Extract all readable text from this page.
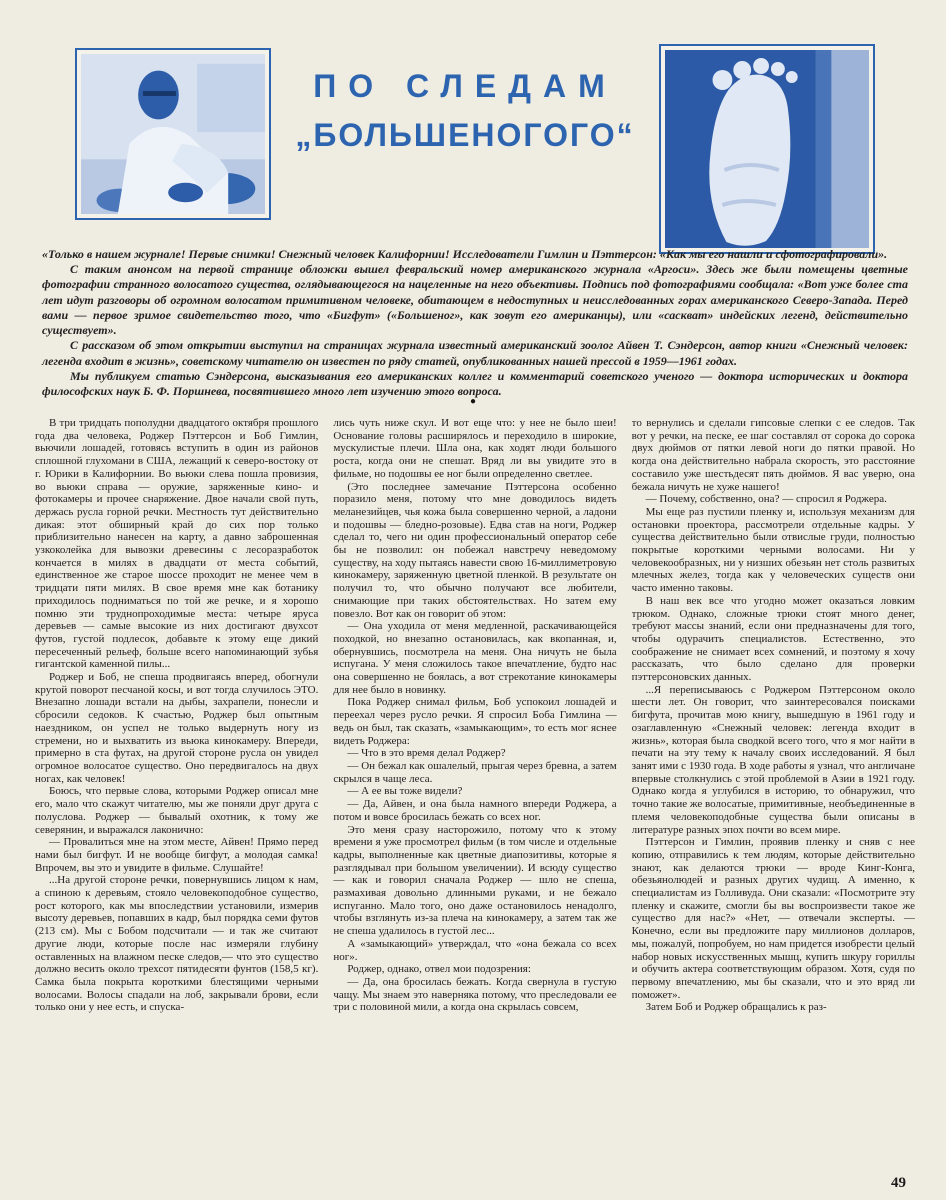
ПО СЛЕДАМ
„БОЛЬШЕНОГОГО“

«Только в нашем журнале! Первые снимки! Снежный человек Калифорнии! Исследователи Гимлин и Пэттерсон: «Как мы его нашли и сфотографировали».

С таким анонсом на первой странице обложки вышел февральский номер американского журнала «Аргоси». Здесь же были помещены цветные фотографии странного волосатого существа, оглядывающегося на нацеленные на него объективы. Подпись под фотографиями сообщала: «Вот уже более ста лет идут разговоры об огромном волосатом примитивном человеке, обитающем в недоступных и неисследованных горах американского Северо-Запада. Перед вами — первое зримое свидетельство того, что «Бигфут» («Большеног», как зовут его американцы), или «саскват» индейских легенд, действительно существует».

С рассказом об этом открытии выступил на страницах журнала известный американский зоолог Айвен Т. Сэндерсон, автор книги «Снежный человек: легенда входит в жизнь», советскому читателю он известен по ряду статей, опубликованных нашей прессой в 1959—1961 годах.

Мы публикуем статью Сэндерсона, высказывания его американских коллег и комментарий советского ученого — доктора исторических и доктора философских наук Б. Ф. Поршнева, посвятившего много лет изучению этого вопроса.

●

В три тридцать пополудни двадцатого октября прошлого года два человека, Роджер Пэттерсон и Боб Гимлин, вьючили лошадей, готовясь вступить в один из районов сплошной глухомани в США, лежащий к северо-востоку от г. Юрики в Калифорнии. Во вьюки слева пошла провизия, во вьюки справа — оружие, заряженные кино- и фотокамеры и прочее снаряжение. Двое начали свой путь, держась русла горной речки. Местность тут действительно дикая: этот обширный край до сих пор только приблизительно нанесен на карту, а давно заброшенная узкоколейка для вывозки древесины с лесоразработок кончается в милях в двадцати от места событий, единственное же старое шоссе проходит не менее чем в тридцати пяти милях. В свое время мне как ботанику приходилось подниматься по той же речке, и я хорошо помню эти труднопроходимые места: четыре яруса деревьев — самые высокие из них достигают двухсот футов, густой подлесок, добавьте к этому еще дикий пересеченный рельеф, больше всего напоминающий зубья гигантской каменной пилы...

Роджер и Боб, не спеша продвигаясь вперед, обогнули крутой поворот песчаной косы, и вот тогда случилось ЭТО. Внезапно лошади встали на дыбы, захрапели, понесли и сбросили седоков. К счастью, Роджер был опытным наездником, он успел не только выдернуть ногу из стремени, но и выхватить из вьюка кинокамеру. Впереди, примерно в ста футах, на другой стороне русла он увидел огромное волосатое существо. Оно передвигалось на двух ногах, как человек!

Боюсь, что первые слова, которыми Роджер описал мне его, мало что скажут читателю, мы же поняли друг друга с полуслова. Роджер — бывалый охотник, к тому же северянин, и выражался лаконично:

— Провалиться мне на этом месте, Айвен! Прямо перед нами был бигфут. И не вообще бигфут, а молодая самка! Впрочем, вы это и увидите в фильме. Слушайте!

...На другой стороне речки, повернувшись лицом к нам, а спиною к деревьям, стояло человекоподобное существо, рост которого, как мы впоследствии установили, измерив высоту деревьев, попавших в кадр, был порядка семи футов (213 см). Мы с Бобом подсчитали — и так же считают другие люди, которые после нас измеряли глубину оставленных на влажном песке следов,— что это существо должно весить около трехсот пятидесяти фунтов (158,5 кг). Самка была покрыта короткими блестящими черными волосами. Волосы спадали на лоб, закрывали брови, если только они у нее есть, и спуска-

лись чуть ниже скул. И вот еще что: у нее не было шеи! Основание головы расширялось и переходило в широкие, мускулистые плечи. Шла она, как ходят люди большого роста, когда они не спешат. Вряд ли вы увидите это в фильме, но подошвы ее ног были определенно светлее.

(Это последнее замечание Пэттерсона особенно поразило меня, потому что мне доводилось видеть меланезийцев, чья кожа была совершенно черной, а ладони и подошвы — бледно-розовые). Едва став на ноги, Роджер сделал то, чего ни один профессиональный оператор себе бы не позволил: он побежал навстречу неведомому существу, на ходу пытаясь навести свою 16-миллиметровую кинокамеру, заряженную цветной пленкой. В результате он получил то, что обычно получают все любители, снимающие при таких обстоятельствах. Но затем ему повезло. Вот как он говорит об этом:

— Она уходила от меня медленной, раскачивающейся походкой, но внезапно остановилась, как вкопанная, и, обернувшись, посмотрела на меня. Она ничуть не была испугана. У меня сложилось такое впечатление, будто нас она совершенно не боялась, а вот стрекотание кинокамеры для нее было в новинку.

Пока Роджер снимал фильм, Боб успокоил лошадей и переехал через русло речки. Я спросил Боба Гимлина — ведь он был, так сказать, «замыкающим», то есть мог яснее видеть Роджера:

— Что в это время делал Роджер?

— Он бежал как ошалелый, прыгая через бревна, а затем скрылся в чаще леса.

— А ее вы тоже видели?

— Да, Айвен, и она была намного впереди Роджера, а потом и вовсе бросилась бежать со всех ног.

Это меня сразу насторожило, потому что к этому времени я уже просмотрел фильм (в том числе и отдельные кадры, выполненные как цветные диапозитивы, которые я разглядывал при большом увеличении). И всюду существо — как и говорил сначала Роджер — шло не спеша, размахивая довольно длинными руками, и не бежало испуганно. Мало того, оно даже остановилось ненадолго, чтобы взглянуть из-за плеча на кинокамеру, а затем так же не спеша удалилось в густой лес...

А «замыкающий» утверждал, что «она бежала со всех ног».

Роджер, однако, отвел мои подозрения:

— Да, она бросилась бежать. Когда свернула в густую чащу. Мы знаем это наверняка потому, что преследовали ее три с половиной мили, а когда она скрылась совсем,

то вернулись и сделали гипсовые слепки с ее следов. Так вот у речки, на песке, ее шаг составлял от сорока до сорока двух дюймов от пятки левой ноги до пятки правой. Но когда она действительно набрала скорость, это расстояние составило уже шестьдесят пять дюймов. Я вас уверю, она бежала ничуть не хуже нашего!

— Почему, собственно, она? — спросил я Роджера.

Мы еще раз пустили пленку и, используя механизм для остановки проектора, рассмотрели отдельные кадры. У существа действительно были отвислые груди, полностью покрытые короткими черными волосами. Ни у человекообразных, ни у низших обезьян нет столь развитых млечных желез, тогда как у человеческих существ они часто именно таковы.

В наш век все что угодно может оказаться ловким трюком. Однако, сложные трюки стоят много денег, требуют массы знаний, если они предназначены для того, чтобы одурачить специалистов. Естественно, это соображение не снимает всех сомнений, и поэтому я хочу рассказать, что было сделано для проверки пэттерсоновских данных.

...Я переписываюсь с Роджером Пэттерсоном около шести лет. Он говорит, что заинтересовался поисками бигфута, прочитав мою книгу, вышедшую в 1961 году и озаглавленную «Снежный человек: легенда входит в жизнь», которая была сводкой всего того, что я мог найти в печати на эту тему к началу своих исследований. Я был занят ими с 1930 года. В ходе работы я узнал, что англичане впервые столкнулись с этой проблемой в Азии в 1921 году. Однако когда я углубился в историю, то обнаружил, что точно такие же волосатые, примитивные, необъединенные в племя человекоподобные существа были описаны в литературе разных эпох почти во всем мире.

Пэттерсон и Гимлин, проявив пленку и сняв с нее копию, отправились к тем людям, которые действительно знают, как делаются трюки — вроде Кинг-Конга, обезьянолюдей и разных других чудищ. А именно, к специалистам из Голливуда. Они сказали: «Посмотрите эту пленку и скажите, смогли бы вы воспроизвести такое же существо для нас?» «Нет, — отвечали эксперты. — Конечно, если вы предложите пару миллионов долларов, мы, пожалуй, попробуем, но нам придется изобрести целый набор новых искусственных мышц, купить шкуру гориллы и обучить актера соответствующим образом. Хотя, судя по первому впечатлению, мы бы сказали, что и это вряд ли поможет».

Затем Боб и Роджер обращались к раз-

49
